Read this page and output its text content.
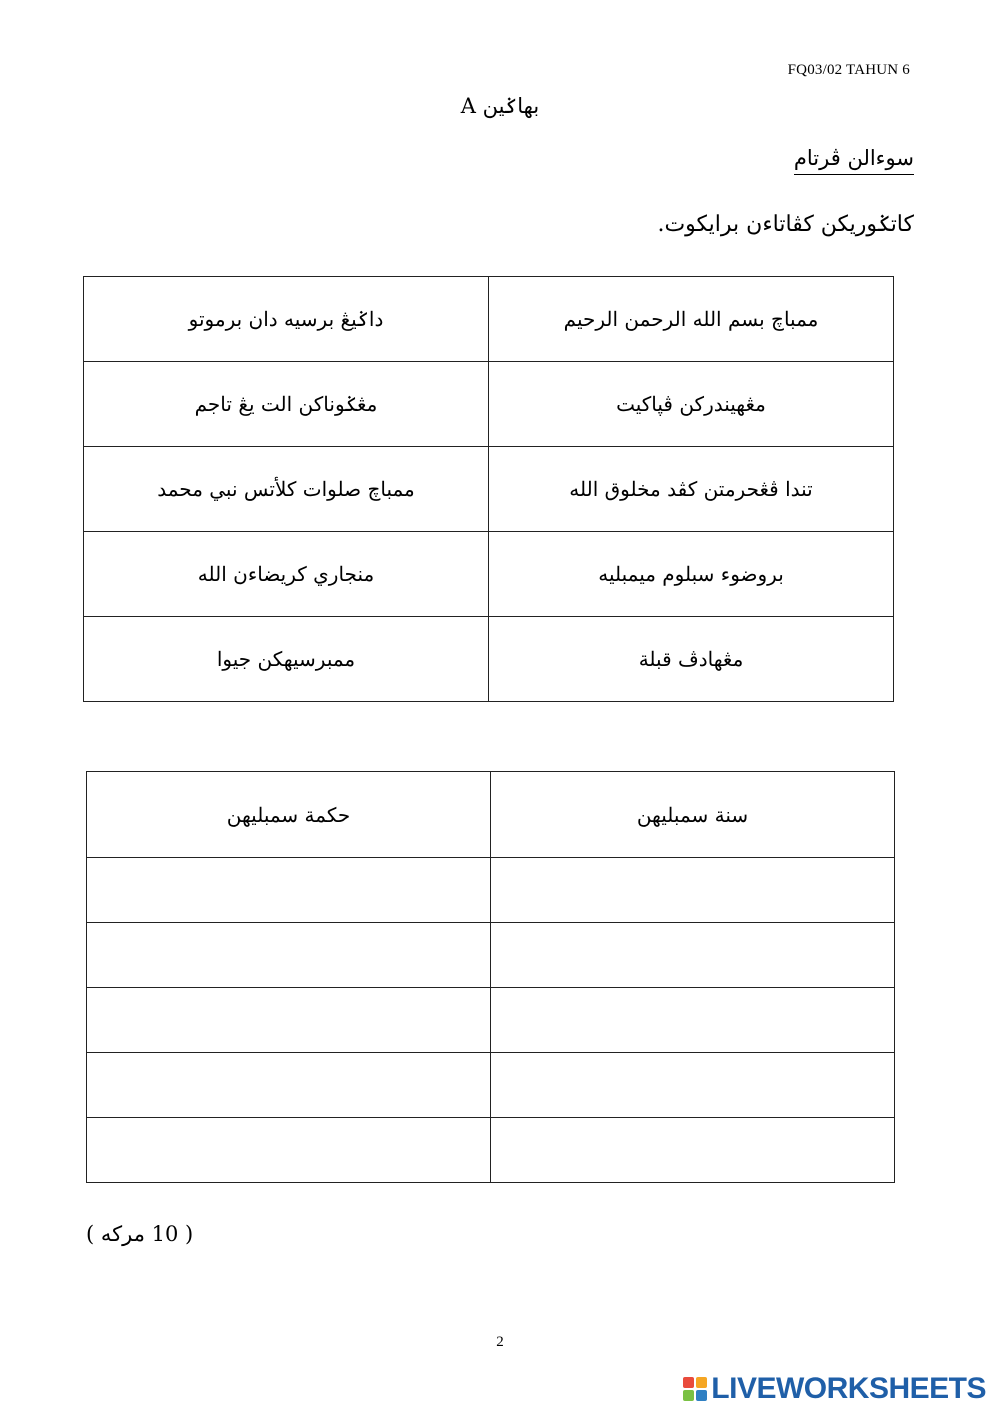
FQ03/02 TAHUN 6
بهاݢين A
سوءالن ڤرتام
كاتݢوريكن كڤاتاءن برايكوت.
داݢيڠ برسيه دان برموتو	ممباچ بسم الله الرحمن الرحيم
مڠݢوناكن الت يڠ تاجم	مڠهيندركن ڤڽاكيت
ممباچ صلوات كلأتس نبي محمد	تندا ڤڠحرمتن كڤد مخلوق الله
منجاري كريضاءن الله	بروضوء سبلوم ميمبليه
ممبرسيهكن جيوا	مڠهادڤ قبلة
حكمة سمبليهن	سنة سمبليهن

( 10 مركه )
2
LIVEWORKSHEETS
